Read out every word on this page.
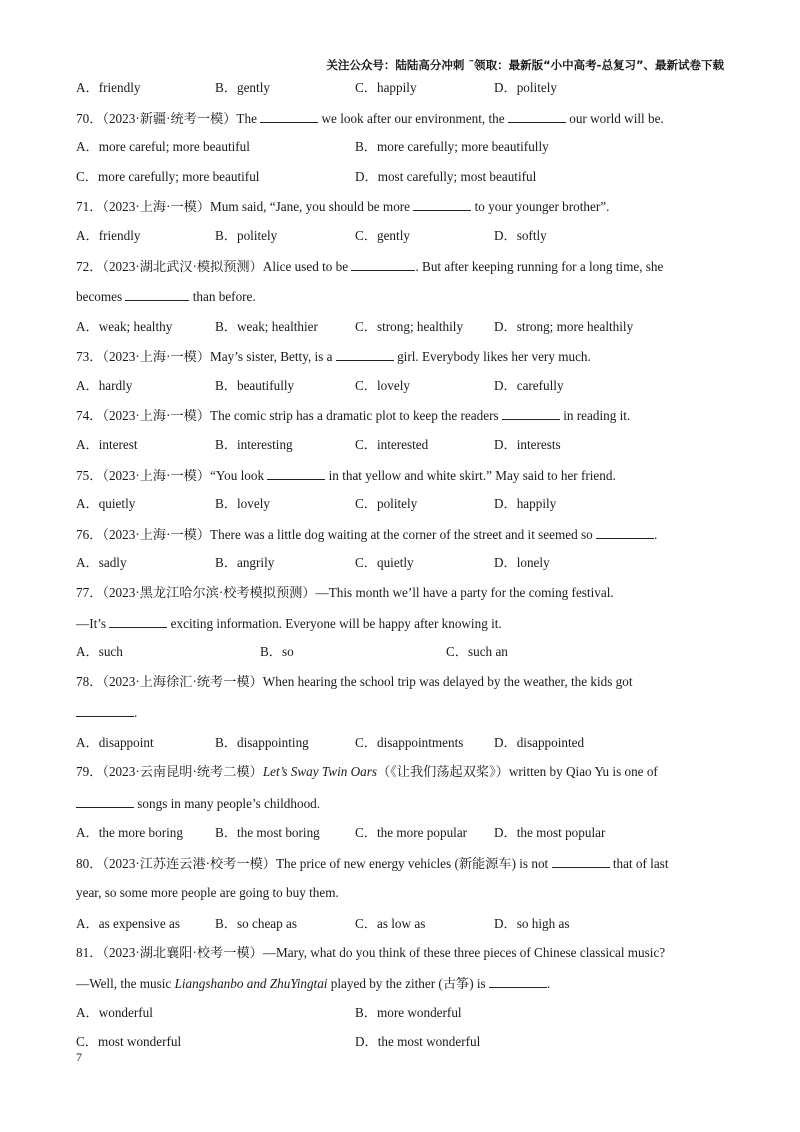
关注公众号：陆陆高分冲刺 ˜领取：最新版“小中高考-总复习”、最新试卷下载
A．friendly	B．gently	C．happily	D．politely
70．（2023·新疆·统考一模）The	we look after our environment, the	our world will be.
A．more careful; more beautiful	B．more carefully; more beautifully
C．more carefully; more beautiful	D．most carefully; most beautiful
71．（2023·上海·一模）Mum said, “Jane, you should be more	to your younger brother”.
A．friendly	B．politely	C．gently	D．softly
72．（2023·湖北武汉·模拟预测）Alice used to be	. But after keeping running for a long time, she
becomes	than before.
A．weak; healthy	B．weak; healthier	C．strong; healthily D．strong; more healthily
73．（2023·上海·一模）May’s sister, Betty, is a	girl. Everybody likes her very much.
A．hardly	B．beautifully	C．lovely	D．carefully
74．（2023·上海·一模）The comic strip has a dramatic plot to keep the readers	in reading it.
A．interest	B．interesting	C．interested	D．interests
75．（2023·上海·一模）“You look	in that yellow and white skirt.” May said to her friend.
A．quietly	B．lovely	C．politely	D．happily
76．（2023·上海·一模）There was a little dog waiting at the corner of the street and it seemed so	.
A．sadly	B．angrily	C．quietly	D．lonely
77．（2023·黑龙江哈尔滨·校考模拟预测）—This month we’ll have a party for the coming festival.
—It’s	exciting information. Everyone will be happy after knowing it.
A．such	B．so	C．such an
78．（2023·上海徐汇·统考一模）When hearing the school trip was delayed by the weather, the kids got
.
A．disappoint	B．disappointing	C．disappointments D．disappointed
79．（2023·云南昆明·统考二模）Let’s Sway Twin Oars（《让我们荡起双桨》）written by Qiao Yu is one of
songs in many people’s childhood.
A．the more boring B．the most boring	C．the more popular D．the most popular
80．（2023·江苏连云港·校考一模）The price of new energy vehicles (新能源车) is not	that of last
year, so some more people are going to buy them.
A．as expensive as	B．so cheap as	C．as low as	D．so high as
81．（2023·湖北襄阳·校考一模）—Mary, what do you think of these three pieces of Chinese classical music?
—Well, the music Liangshanbo and ZhuYingtai played by the zither (古筝) is	.
A．wonderful	B．more wonderful
C．most wonderful	D．the most wonderful
7
